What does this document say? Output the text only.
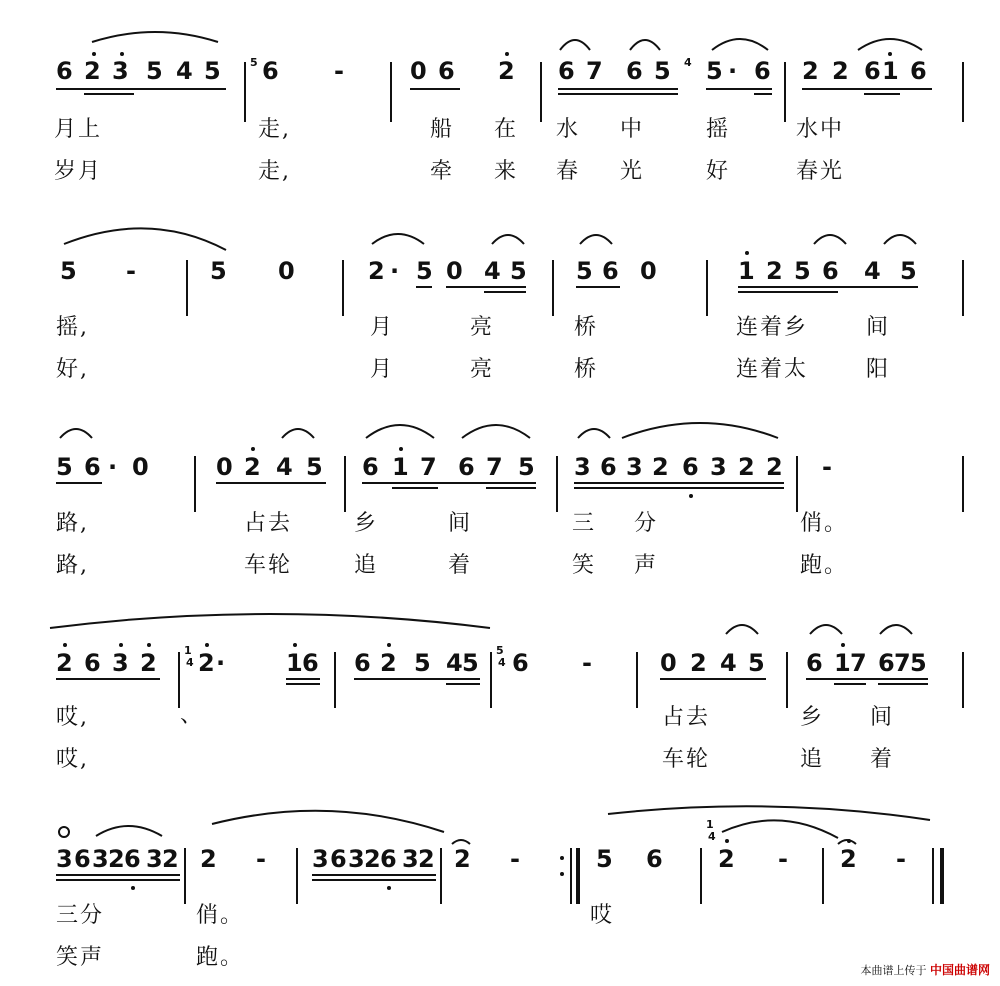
6 2 3 5 4 5	5 6 -	0 6 2 6 7 6 5 4 5 · 6 2 2 6 1 6
月上	走,	船 在 水 中	摇	水中
岁月	走,	牵 来 春 光	好	春光
5 -	5 0	2 · 5 0 4 5 5 6 0	1 2 5 6 4 5
摇,	月	亮	桥	连着乡	间
好,	月	亮	桥	连着太	阳
5 6 · 0	0 2 4 5 6 1 7 6 7 5 3 6 3 2 6 3 2 2 -
路,	占去	乡	间	三 分	俏。
路,	车轮	追	着	笑 声	跑。
2 6 3 2 1
4 2 ·	1 6 6 2 5 4 5 5
4 6 -	0 2 4 5 6 1 7 6 7 5
哎,	、	占去	乡 间
哎,	车轮	追 着
3 6 3 2 6 3 2 2 - 3 6 3 2 6 3 2 2 -	5 6
1
4
2 - 2 -
三分	俏。	哎
笑声	跑。
本曲谱上传于 中国曲谱网
